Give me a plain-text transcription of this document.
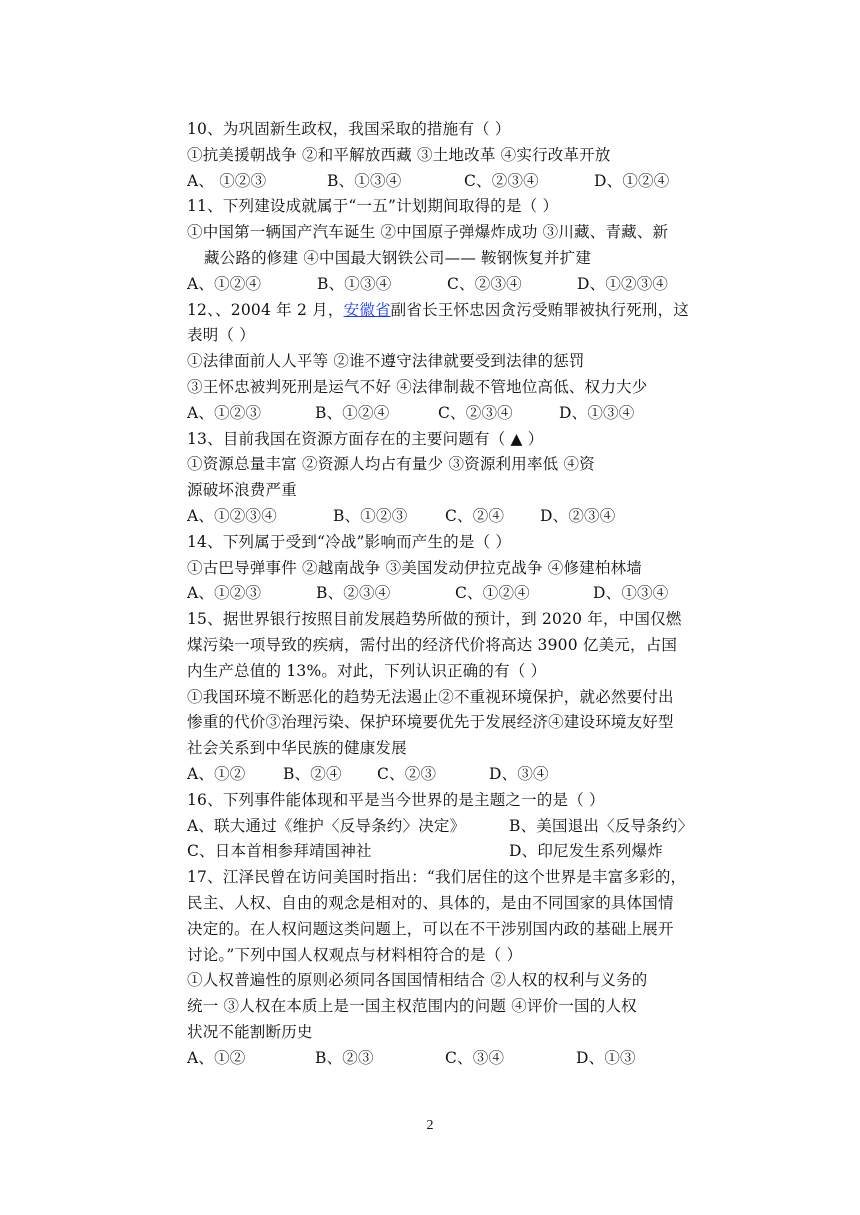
10、为巩固新生政权，我国采取的措施有（ ）
①抗美援朝战争 ②和平解放西藏 ③土地改革 ④实行改革开放
A、 ①②③	B、①③④	C、②③④	D、①②④
11、下列建设成就属于“一五”计划期间取得的是（ ）
①中国第一辆国产汽车诞生 ②中国原子弹爆炸成功 ③川藏、青藏、新
藏公路的修建 ④中国最大钢铁公司—— 鞍钢恢复并扩建
A、①②④	B、①③④	C、②③④	D、①②③④
12、、2004 年 2 月，安徽省副省长王怀忠因贪污受贿罪被执行死刑，这
表明（ ）
①法律面前人人平等 ②谁不遵守法律就要受到法律的惩罚
③王怀忠被判死刑是运气不好 ④法律制裁不管地位高低、权力大少
A、①②③	B、①②④	C、②③④	D、①③④
13、目前我国在资源方面存在的主要问题有（ ▲ ）
①资源总量丰富 ②资源人均占有量少 ③资源利用率低 ④资
源破坏浪费严重
A、①②③④	B、①②③ C、②④ D、②③④
14、下列属于受到“冷战”影响而产生的是（ ）
①古巴导弹事件 ②越南战争 ③美国发动伊拉克战争 ④修建柏林墙
A、①②③	B、②③④	C、①②④	D、①③④
15、据世界银行按照目前发展趋势所做的预计，到 2020 年，中国仅燃
煤污染一项导致的疾病，需付出的经济代价将高达 3900 亿美元，占国
内生产总值的 13%。对此，下列认识正确的有（ ）
①我国环境不断恶化的趋势无法遏止②不重视环境保护，就必然要付出
惨重的代价③治理污染、保护环境要优先于发展经济④建设环境友好型
社会关系到中华民族的健康发展
A、①② B、②④ C、②③	D、③④
16、下列事件能体现和平是当今世界的是主题之一的是（ ）
A、联大通过《维护〈反导条约〉决定》	B、美国退出〈反导条约〉
C、日本首相参拜靖国神社	D、印尼发生系列爆炸
17、江泽民曾在访问美国时指出：“我们居住的这个世界是丰富多彩的，
民主、人权、自由的观念是相对的、具体的，是由不同国家的具体国情
决定的。在人权问题这类问题上，可以在不干涉别国内政的基础上展开
讨论。”下列中国人权观点与材料相符合的是（ ）
①人权普遍性的原则必须同各国国情相结合 ②人权的权利与义务的
统一 ③人权在本质上是一国主权范围内的问题 ④评价一国的人权
状况不能割断历史
A、①②	B、②③	C、③④	D、①③
2
